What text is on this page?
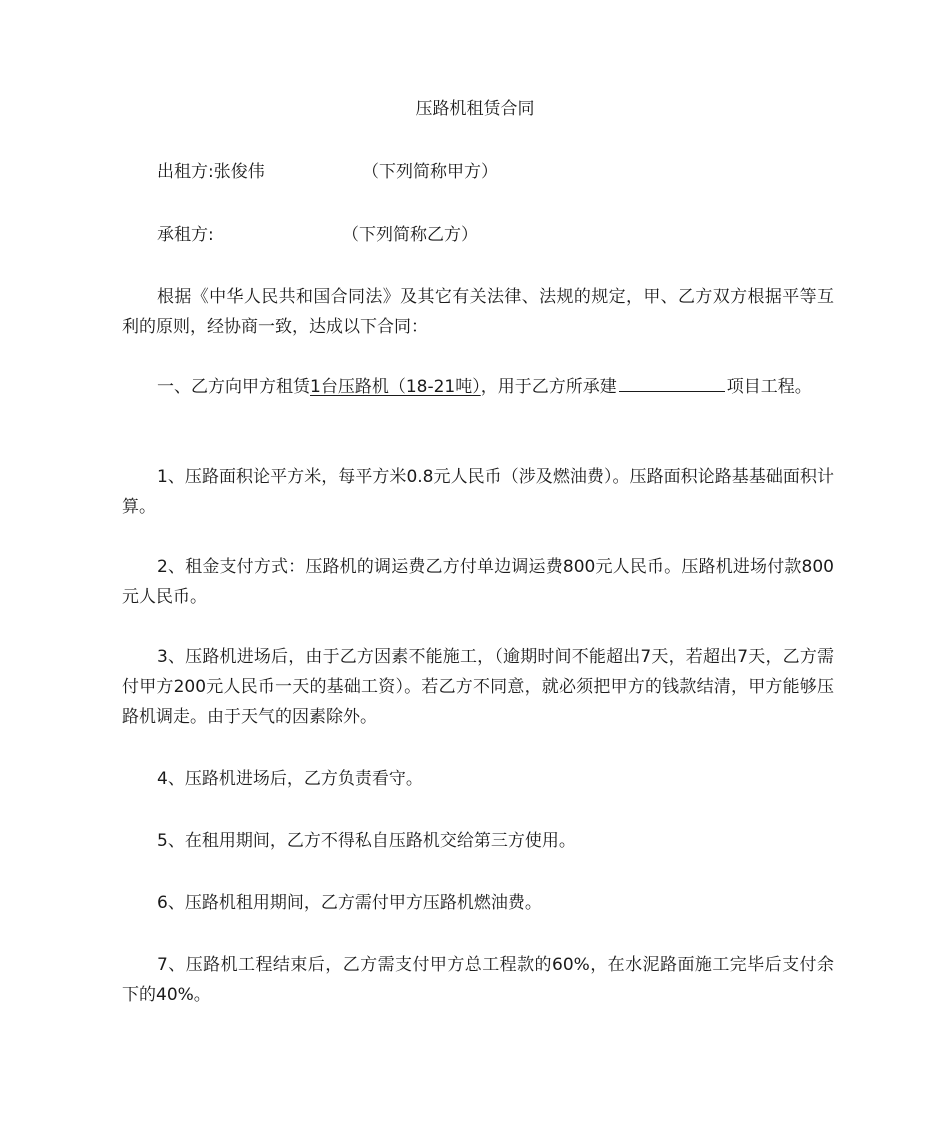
压路机租赁合同
出租方:张俊伟	（下列简称甲方）
承租方:	（下列简称乙方）
根据《中华人民共和国合同法》及其它有关法律、法规的规定，甲、乙方双方根据平等互利的原则，经协商一致，达成以下合同：
一、乙方向甲方租赁1台压路机（18-21吨），用于乙方所承建	项目工程。
1、压路面积论平方米，每平方米0.8元人民币（涉及燃油费）。压路面积论路基基础面积计算。
2、租金支付方式：压路机的调运费乙方付单边调运费800元人民币。压路机进场付款800元人民币。
3、压路机进场后，由于乙方因素不能施工，（逾期时间不能超出7天，若超出7天，乙方需付甲方200元人民币一天的基础工资）。若乙方不同意，就必须把甲方的钱款结清，甲方能够压路机调走。由于天气的因素除外。
4、压路机进场后，乙方负责看守。
5、在租用期间，乙方不得私自压路机交给第三方使用。
6、压路机租用期间，乙方需付甲方压路机燃油费。
7、压路机工程结束后，乙方需支付甲方总工程款的60%，在水泥路面施工完毕后支付余下的40%。
